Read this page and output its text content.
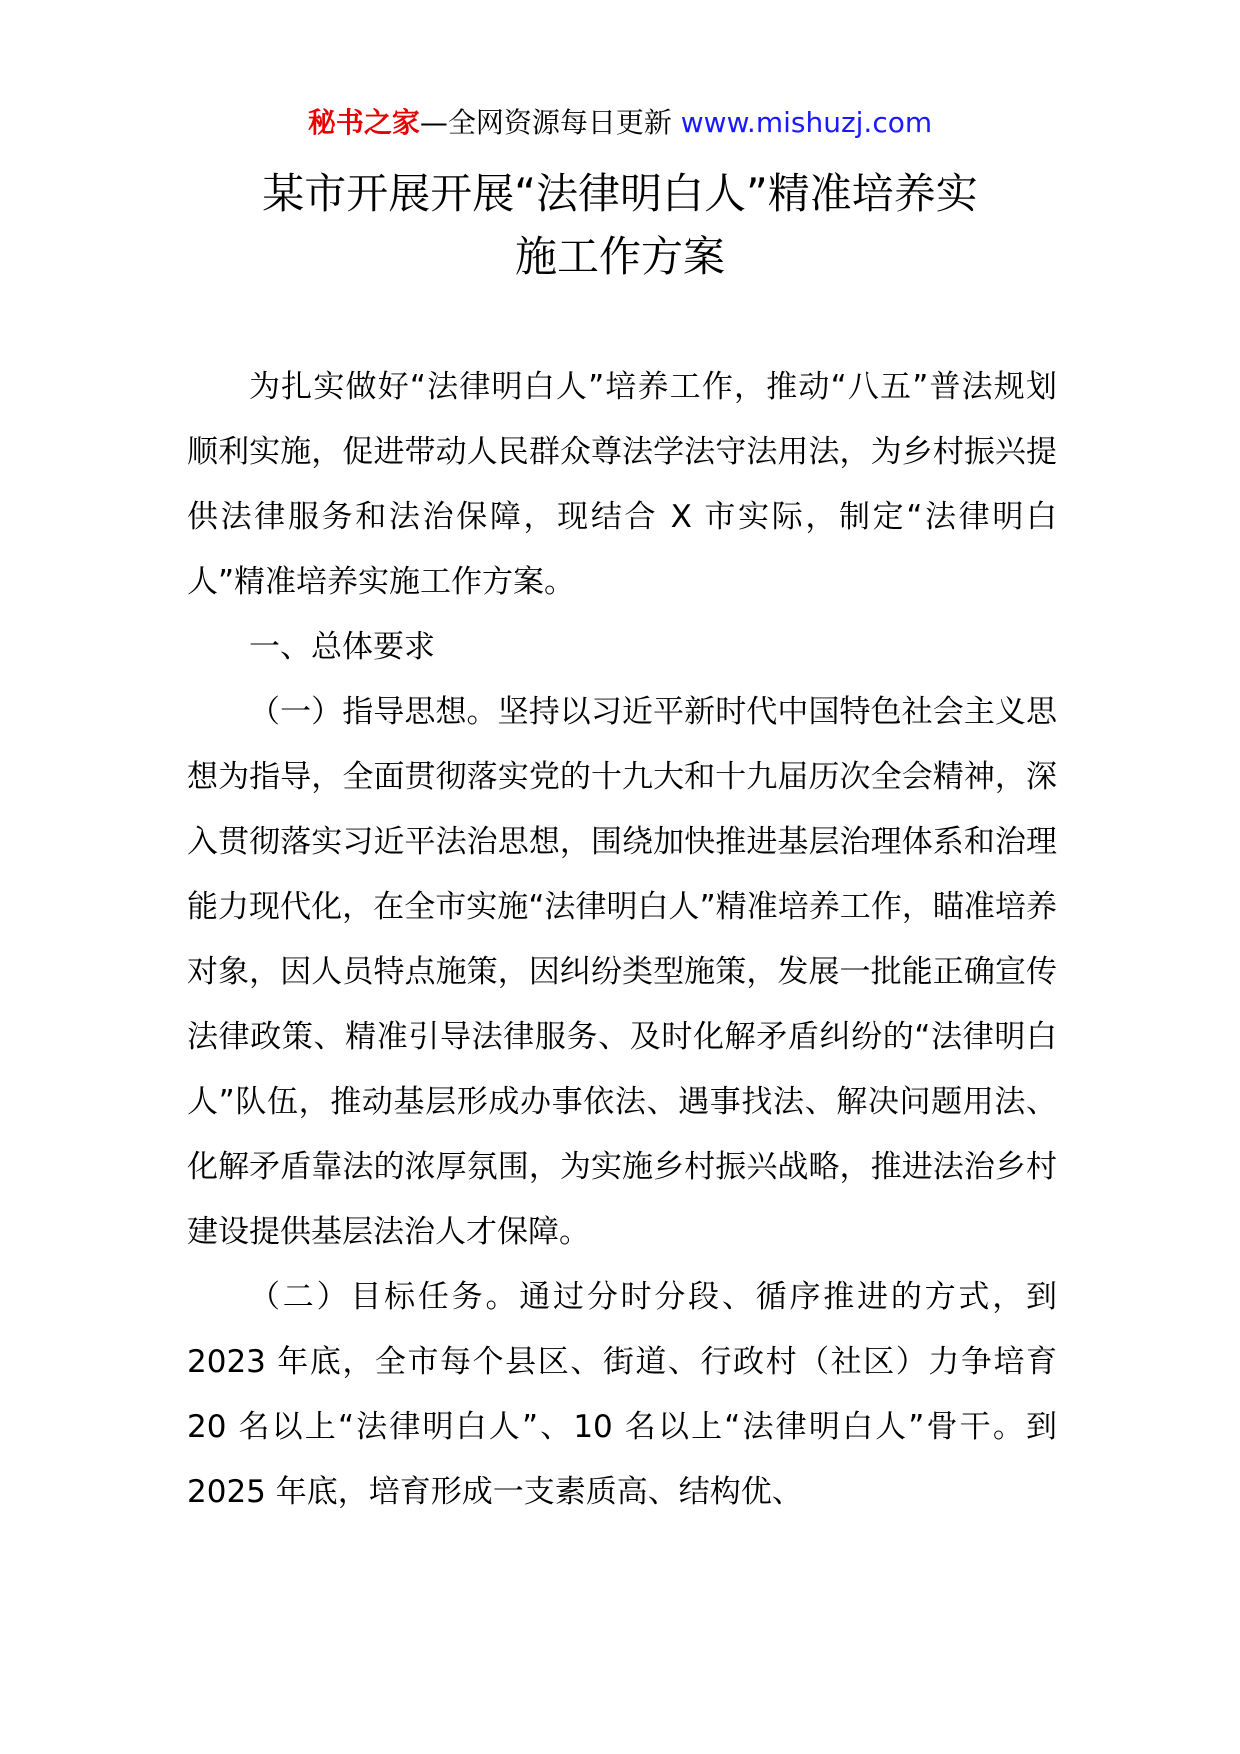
秘书之家—全网资源每日更新 www.mishuzj.com
某市开展开展“法律明白人”精准培养实
施工作方案

为扎实做好“法律明白人”培养工作，推动“八五”普法规划顺利实施，促进带动人民群众尊法学法守法用法，为乡村振兴提供法律服务和法治保障，现结合 X 市实际，制定“法律明白人”精准培养实施工作方案。

一、总体要求

（一）指导思想。坚持以习近平新时代中国特色社会主义思想为指导，全面贯彻落实党的十九大和十九届历次全会精神，深入贯彻落实习近平法治思想，围绕加快推进基层治理体系和治理能力现代化，在全市实施“法律明白人”精准培养工作，瞄准培养对象，因人员特点施策，因纠纷类型施策，发展一批能正确宣传法律政策、精准引导法律服务、及时化解矛盾纠纷的“法律明白人”队伍，推动基层形成办事依法、遇事找法、解决问题用法、化解矛盾靠法的浓厚氛围，为实施乡村振兴战略，推进法治乡村建设提供基层法治人才保障。

（二）目标任务。通过分时分段、循序推进的方式，到 2023 年底，全市每个县区、街道、行政村（社区）力争培育 20 名以上“法律明白人”、10 名以上“法律明白人”骨干。到 2025 年底，培育形成一支素质高、结构优、
